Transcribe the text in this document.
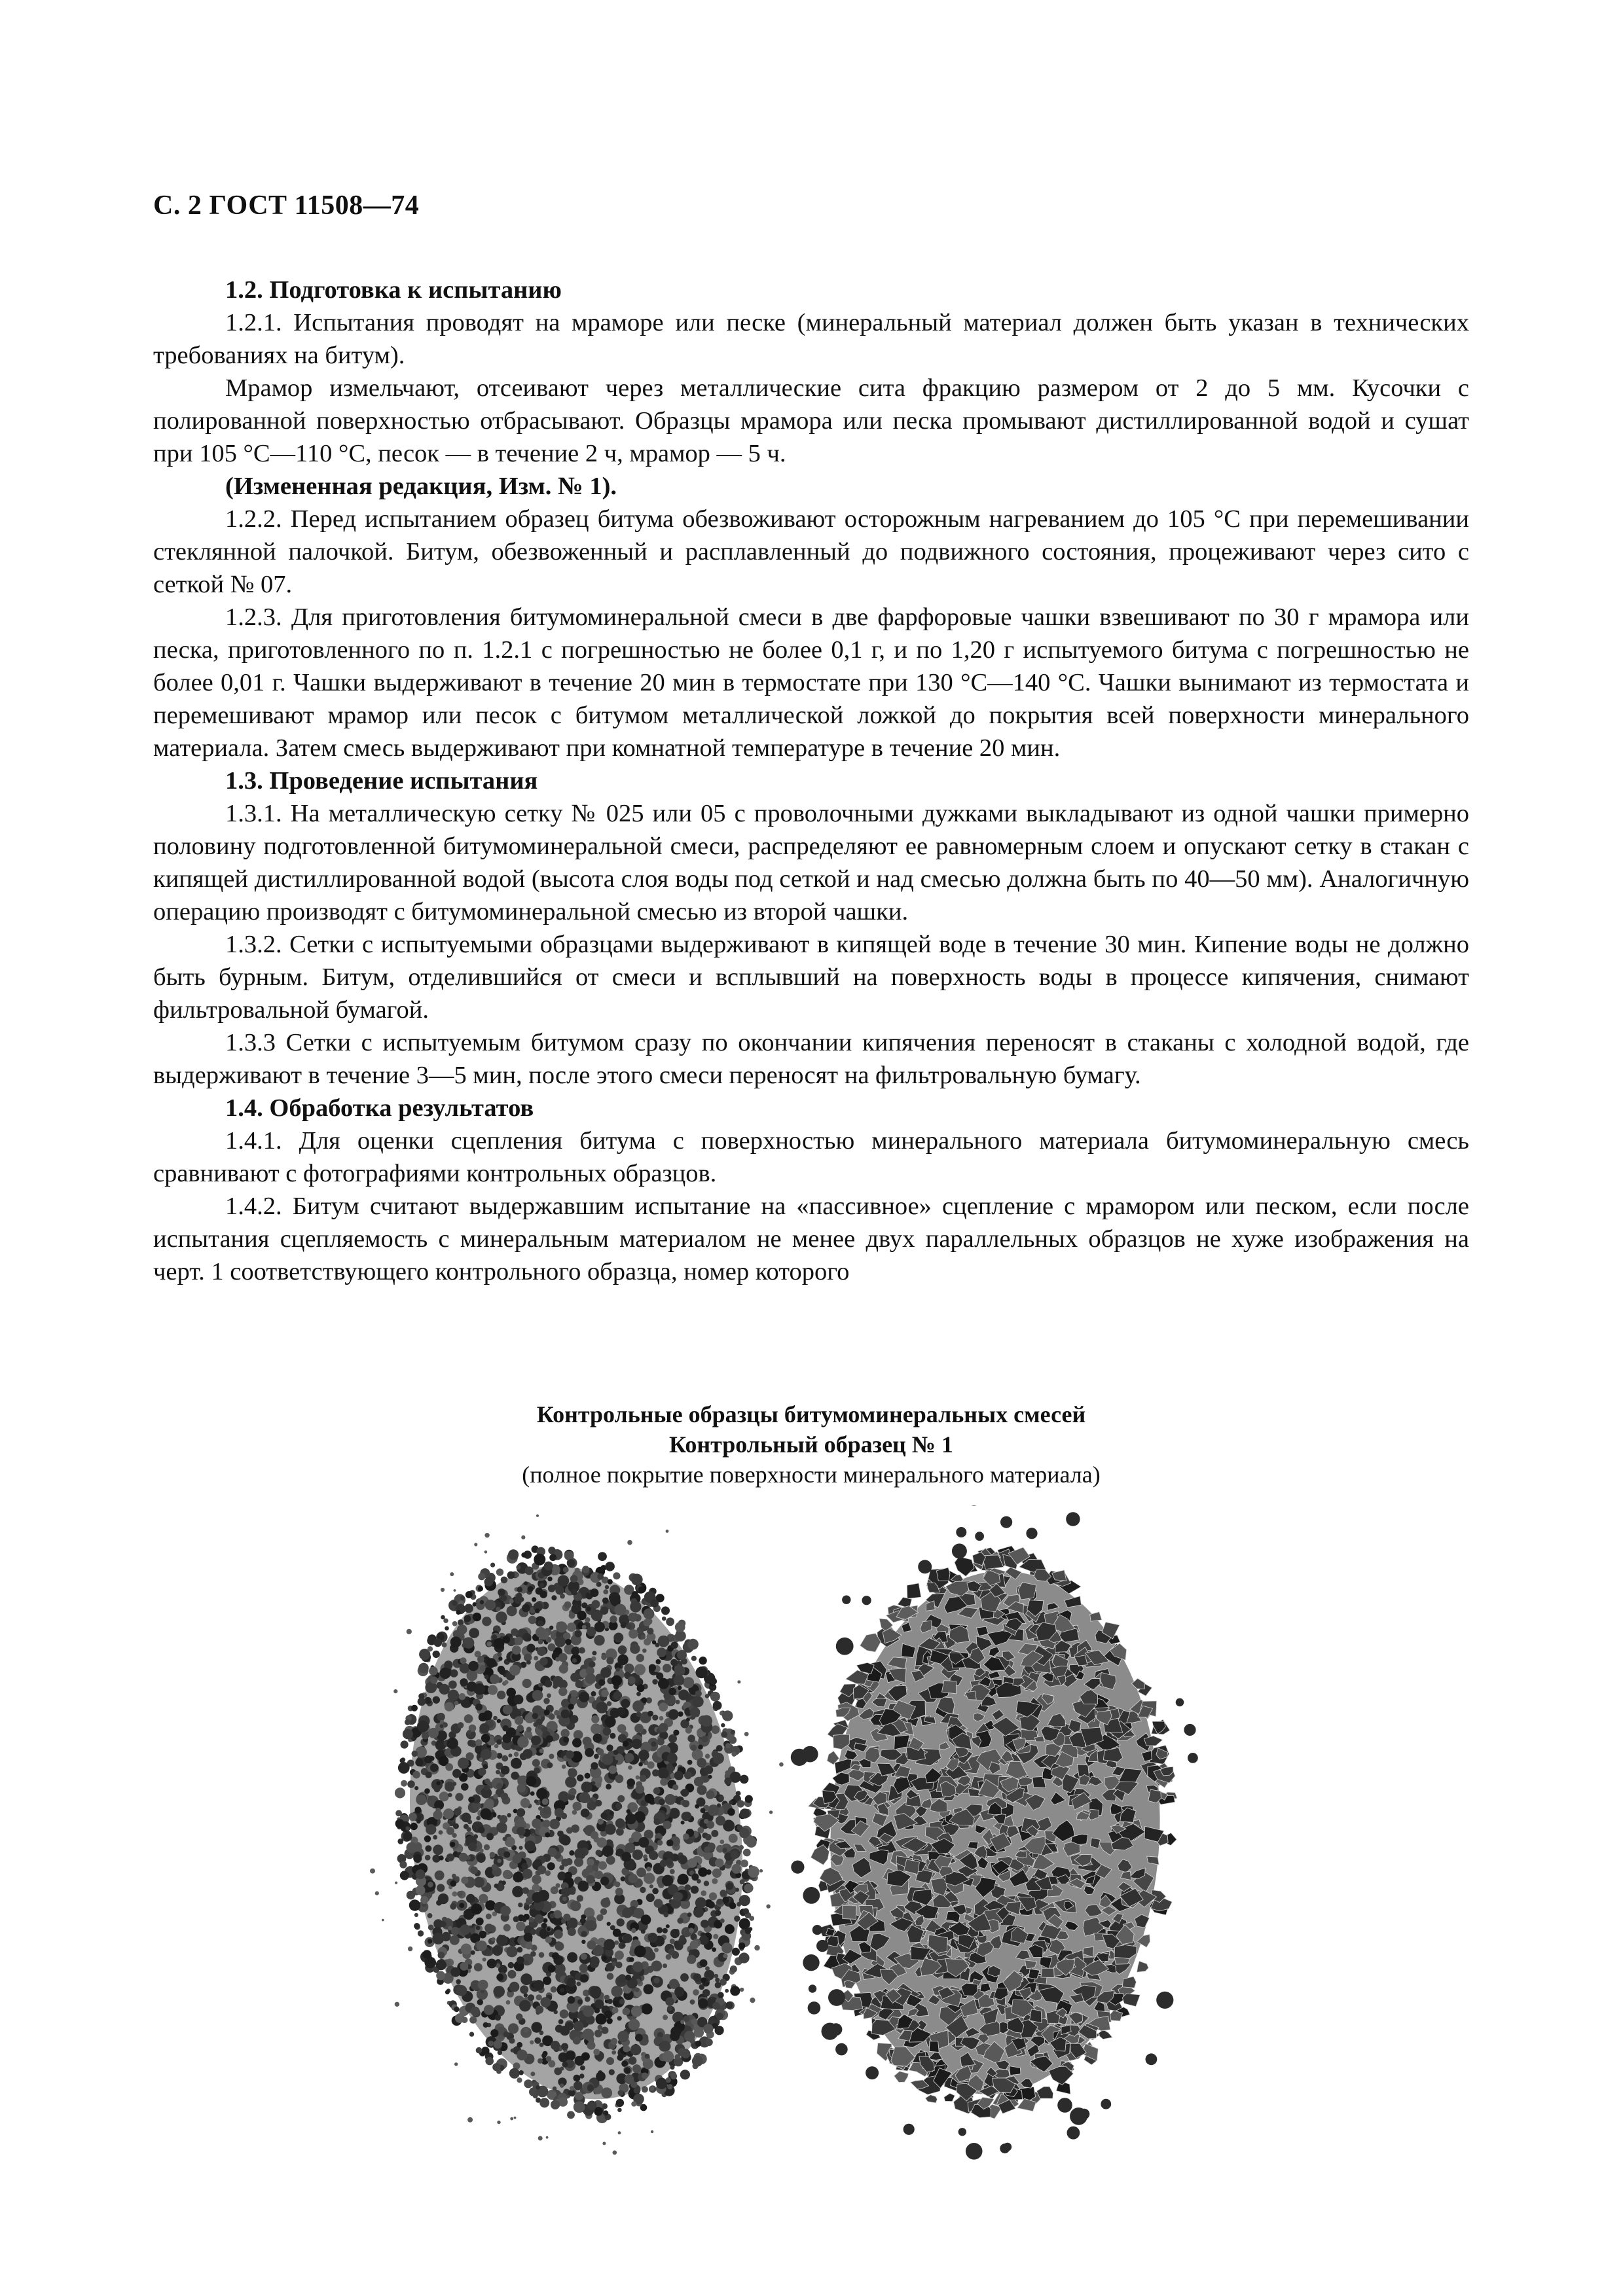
С. 2 ГОСТ 11508—74

1.2. Подготовка к испытанию

1.2.1. Испытания проводят на мраморе или песке (минеральный материал должен быть указан в технических требованиях на битум).

Мрамор измельчают, отсеивают через металлические сита фракцию размером от 2 до 5 мм. Кусочки с полированной поверхностью отбрасывают. Образцы мрамора или песка промывают дистиллированной водой и сушат при 105 °С—110 °С, песок — в течение 2 ч, мрамор — 5 ч.

(Измененная редакция, Изм. № 1).

1.2.2. Перед испытанием образец битума обезвоживают осторожным нагреванием до 105 °С при перемешивании стеклянной палочкой. Битум, обезвоженный и расплавленный до подвижного состояния, процеживают через сито с сеткой № 07.

1.2.3. Для приготовления битумоминеральной смеси в две фарфоровые чашки взвешивают по 30 г мрамора или песка, приготовленного по п. 1.2.1 с погрешностью не более 0,1 г, и по 1,20 г испытуемого битума с погрешностью не более 0,01 г. Чашки выдерживают в течение 20 мин в термостате при 130 °С—140 °С. Чашки вынимают из термостата и перемешивают мрамор или песок с битумом металлической ложкой до покрытия всей поверхности минерального материала. Затем смесь выдерживают при комнатной температуре в течение 20 мин.

1.3. Проведение испытания

1.3.1. На металлическую сетку № 025 или 05 с проволочными дужками выкладывают из одной чашки примерно половину подготовленной битумоминеральной смеси, распределяют ее равномерным слоем и опускают сетку в стакан с кипящей дистиллированной водой (высота слоя воды под сеткой и над смесью должна быть по 40—50 мм). Аналогичную операцию производят с битумоминеральной смесью из второй чашки.

1.3.2. Сетки с испытуемыми образцами выдерживают в кипящей воде в течение 30 мин. Кипение воды не должно быть бурным. Битум, отделившийся от смеси и всплывший на поверхность воды в процессе кипячения, снимают фильтровальной бумагой.

1.3.3 Сетки с испытуемым битумом сразу по окончании кипячения переносят в стаканы с холодной водой, где выдерживают в течение 3—5 мин, после этого смеси переносят на фильтровальную бумагу.

1.4. Обработка результатов

1.4.1. Для оценки сцепления битума с поверхностью минерального материала битумоминеральную смесь сравнивают с фотографиями контрольных образцов.

1.4.2. Битум считают выдержавшим испытание на «пассивное» сцепление с мрамором или песком, если после испытания сцепляемость с минеральным материалом не менее двух параллельных образцов не хуже изображения на черт. 1 соответствующего контрольного образца, номер которого

Контрольные образцы битумоминеральных смесей
Контрольный образец № 1
(полное покрытие поверхности минерального материала)
